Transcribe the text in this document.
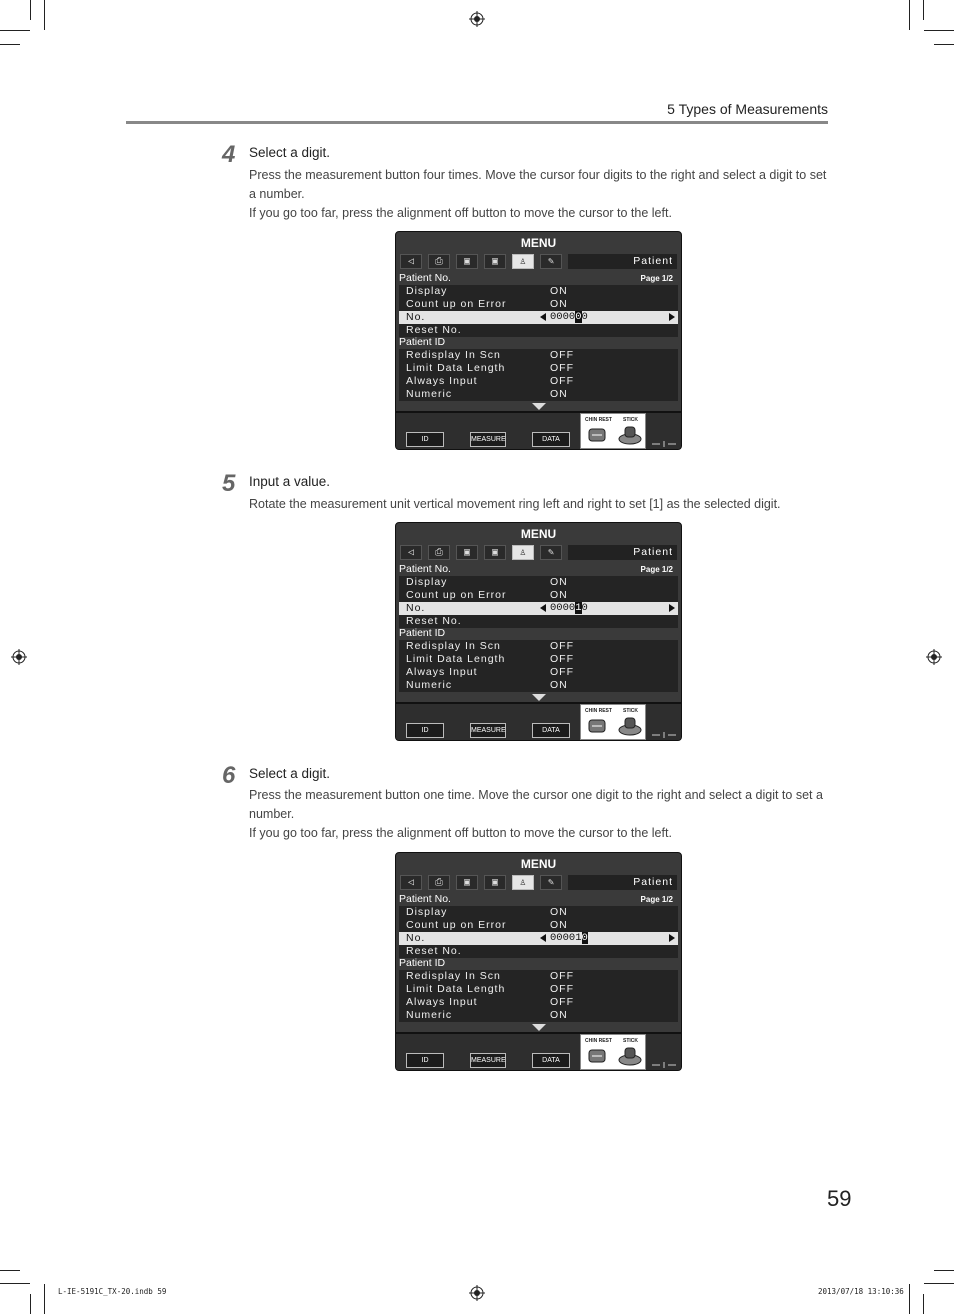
5 Types of Measurements
4 Select a digit.

Press the measurement button four times. Move the cursor four digits to the right and select a digit to set a number.

If you go too far, press the alignment off button to move the cursor to the left.

5 Input a value.

Rotate the measurement unit vertical movement ring left and right to set [1] as the selected digit.

6 Select a digit.

Press the measurement button one time. Move the cursor one digit to the right and select a digit to set a number.

If you go too far, press the alignment off button to move the cursor to the left.

MENU
◁	⎙	▣	▣	♙	✎	Patient
Patient No.	Page 1/2
Display	ON
Count up on Error	ON
No.	000000
Reset No.
Patient ID
Redisplay In Scn	OFF
Limit Data Length	OFF
Always Input	OFF
Numeric	ON
ID	MEASURE	DATA
CHIN REST STICK
MENU
◁	⎙	▣	▣	♙	✎	Patient
Patient No.	Page 1/2
Display	ON
Count up on Error	ON
No.	000010
Reset No.
Patient ID
Redisplay In Scn	OFF
Limit Data Length	OFF
Always Input	OFF
Numeric	ON
ID	MEASURE	DATA
CHIN REST STICK
MENU
◁	⎙	▣	▣	♙	✎	Patient
Patient No.	Page 1/2
Display	ON
Count up on Error	ON
No.	000010
Reset No.
Patient ID
Redisplay In Scn	OFF
Limit Data Length	OFF
Always Input	OFF
Numeric	ON
ID	MEASURE	DATA
CHIN REST STICK
59
L-IE-5191C_TX-20.indb 59	2013/07/18 13:10:36
